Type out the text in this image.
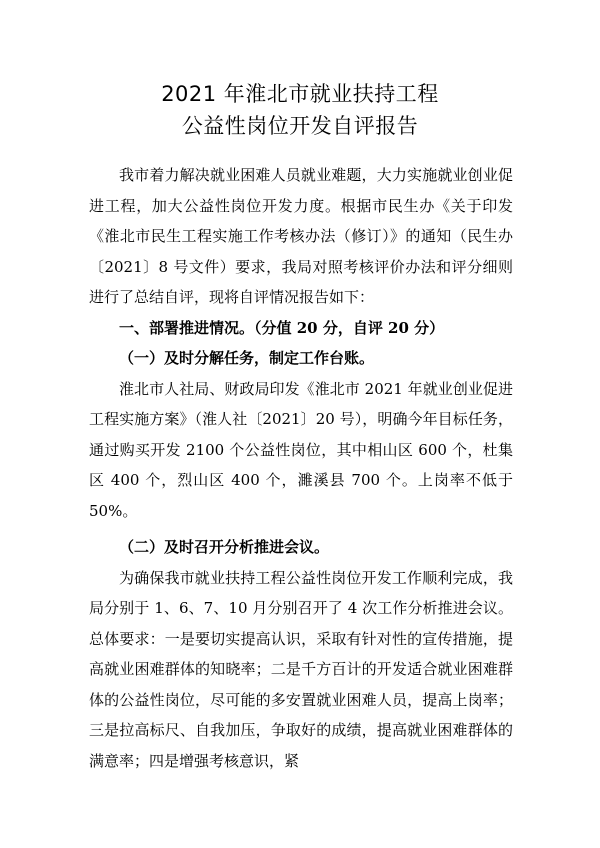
2021 年淮北市就业扶持工程
公益性岗位开发自评报告

我市着力解决就业困难人员就业难题，大力实施就业创业促进工程，加大公益性岗位开发力度。根据市民生办《关于印发《淮北市民生工程实施工作考核办法（修订）》的通知（民生办〔2021〕8 号文件）要求，我局对照考核评价办法和评分细则进行了总结自评，现将自评情况报告如下：

一、部署推进情况。（分值 20 分，自评 20 分）

（一）及时分解任务，制定工作台账。

淮北市人社局、财政局印发《淮北市 2021 年就业创业促进工程实施方案》（淮人社〔2021〕20 号），明确今年目标任务，通过购买开发 2100 个公益性岗位，其中相山区 600 个，杜集区 400 个，烈山区 400 个，濉溪县 700 个。上岗率不低于 50%。

（二）及时召开分析推进会议。

为确保我市就业扶持工程公益性岗位开发工作顺利完成，我局分别于 1、6、7、10 月分别召开了 4 次工作分析推进会议。总体要求：一是要切实提高认识，采取有针对性的宣传措施，提高就业困难群体的知晓率；二是千方百计的开发适合就业困难群体的公益性岗位，尽可能的多安置就业困难人员，提高上岗率；三是拉高标尺、自我加压，争取好的成绩，提高就业困难群体的满意率；四是增强考核意识，紧
